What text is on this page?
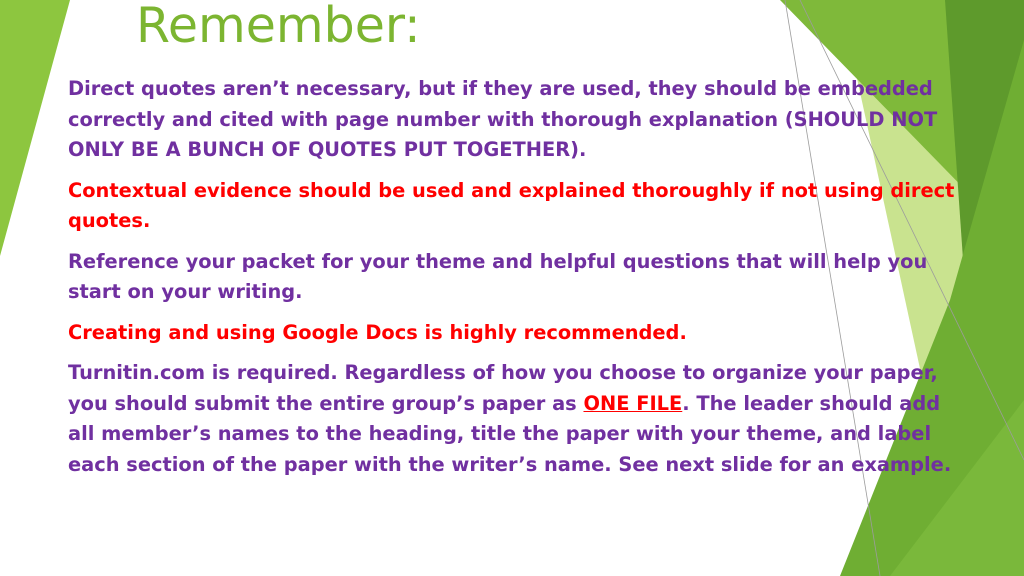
Remember:

Direct quotes aren’t necessary, but if they are used, they should be embedded correctly and cited with page number with thorough explanation (SHOULD NOT ONLY BE A BUNCH OF QUOTES PUT TOGETHER).

Contextual evidence should be used and explained thoroughly if not using direct quotes.

Reference your packet for your theme and helpful questions that will help you start on your writing.

Creating and using Google Docs is highly recommended.

Turnitin.com is required. Regardless of how you choose to organize your paper, you should submit the entire group’s paper as ONE FILE. The leader should add all member’s names to the heading, title the paper with your theme, and label each section of the paper with the writer’s name. See next slide for an example.
